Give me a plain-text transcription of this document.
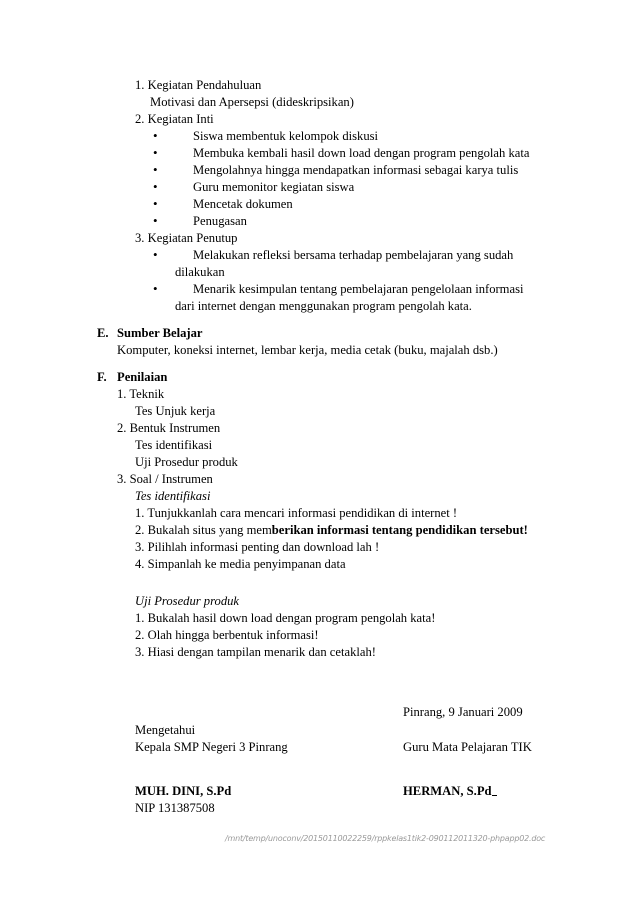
1. Kegiatan Pendahuluan
Motivasi dan Apersepsi (dideskripsikan)
2. Kegiatan Inti
•	Siswa membentuk kelompok diskusi
•	Membuka kembali hasil down load dengan program pengolah kata
•	Mengolahnya hingga mendapatkan informasi sebagai karya tulis
•	Guru memonitor kegiatan siswa
•	Mencetak dokumen
•	Penugasan
3. Kegiatan Penutup
•	Melakukan refleksi bersama terhadap pembelajaran yang sudah
dilakukan
•	Menarik kesimpulan tentang pembelajaran pengelolaan informasi
dari internet dengan menggunakan program pengolah kata.
E. Sumber Belajar
Komputer, koneksi internet, lembar kerja, media cetak (buku, majalah dsb.)
F. Penilaian
1. Teknik
Tes Unjuk kerja
2. Bentuk Instrumen
Tes identifikasi
Uji Prosedur produk
3. Soal / Instrumen
Tes identifikasi
1. Tunjukkanlah cara mencari informasi pendidikan di internet !
2. Bukalah situs yang memberikan informasi tentang pendidikan tersebut!
3. Pilihlah informasi penting dan download lah !
4. Simpanlah ke media penyimpanan data
Uji Prosedur produk
1. Bukalah hasil down load dengan program pengolah kata!
2. Olah hingga berbentuk informasi!
3. Hiasi dengan tampilan menarik dan cetaklah!
Pinrang, 9 Januari 2009
Mengetahui
Kepala SMP Negeri 3 Pinrang	Guru Mata Pelajaran TIK
MUH. DINI, S.Pd	HERMAN, S.Pd
NIP 131387508
/mnt/temp/unoconv/20150110022259/rppkelas1tik2-090112011320-phpapp02.doc
